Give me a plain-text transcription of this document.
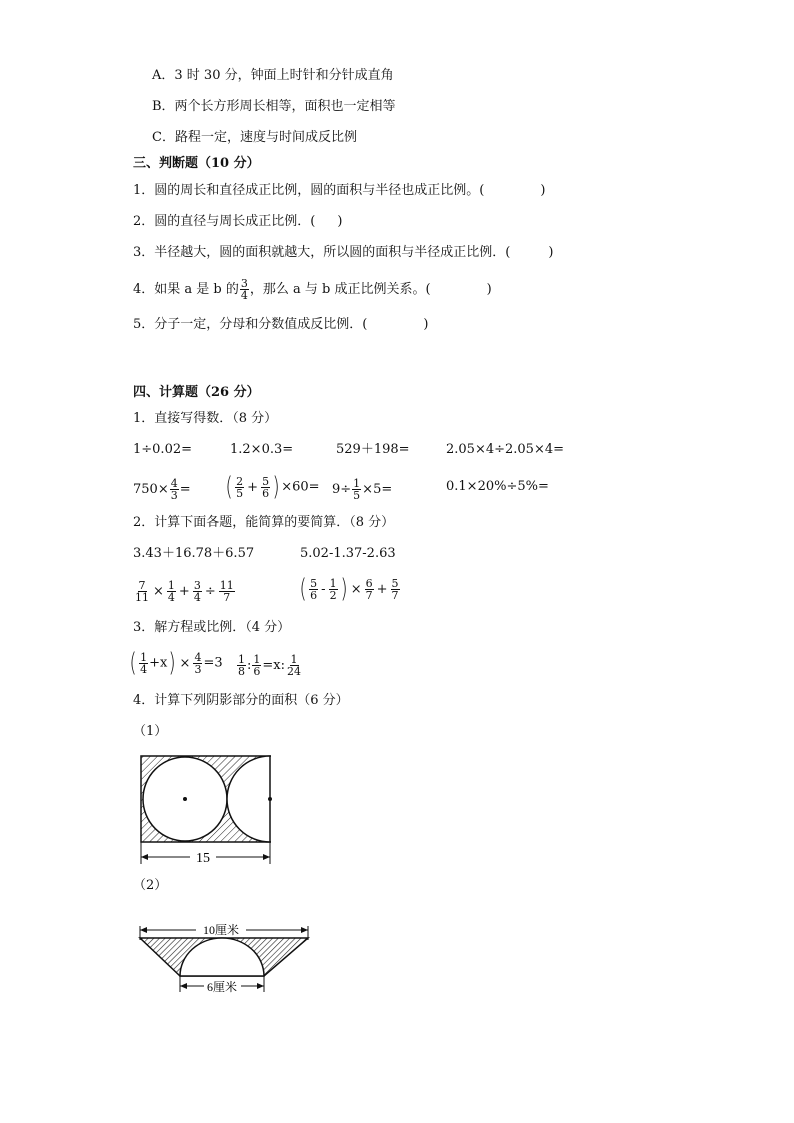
A．3 时 30 分，钟面上时针和分针成直角
B．两个长方形周长相等，面积也一定相等
C．路程一定，速度与时间成反比例
三、判断题（10 分）
1．圆的周长和直径成正比例，圆的面积与半径也成正比例。(	)
2．圆的直径与周长成正比例．( )
3．半径越大，圆的面积就越大，所以圆的面积与半径成正比例．(	)
4．如果 a 是 b 的 $\frac{3}{4}$ ，那么 a 与 b 成正比例关系。(	)
5．分子一定，分母和分数值成反比例．(	)
四、计算题（26 分）
1．直接写得数．（8 分）
1÷0.02=	1.2×0.3=	529＋198=	2.05×4÷2.05×4=
$750\times \frac{4}{3}$ = ( $\frac{2}{5} + \frac{5}{6}$ ) $\times 60= 9\div \frac{1}{5} \times 5=$	0.1×20%÷5%=
2．计算下面各题，能简算的要简算．（8 分）
3.43＋16.78＋6.57	5.02-1.37-2.63
$\frac{7}{11} \times \frac{1}{4} + \frac{3}{4} \div \frac{11}{7}$ ( $\frac{5}{6} - \frac{1}{2}$ ) × $\frac{6}{7} + \frac{5}{7}$
3．解方程或比例．（4 分）
( $\frac{1}{4} +x) \times \frac{4}{3} =3 \frac{1}{8}$ : $\frac{1}{6} =x$: $\frac{1}{24}$
4．计算下列阴影部分的面积（6 分）
（1）
15
（2）
10厘米
6厘米
